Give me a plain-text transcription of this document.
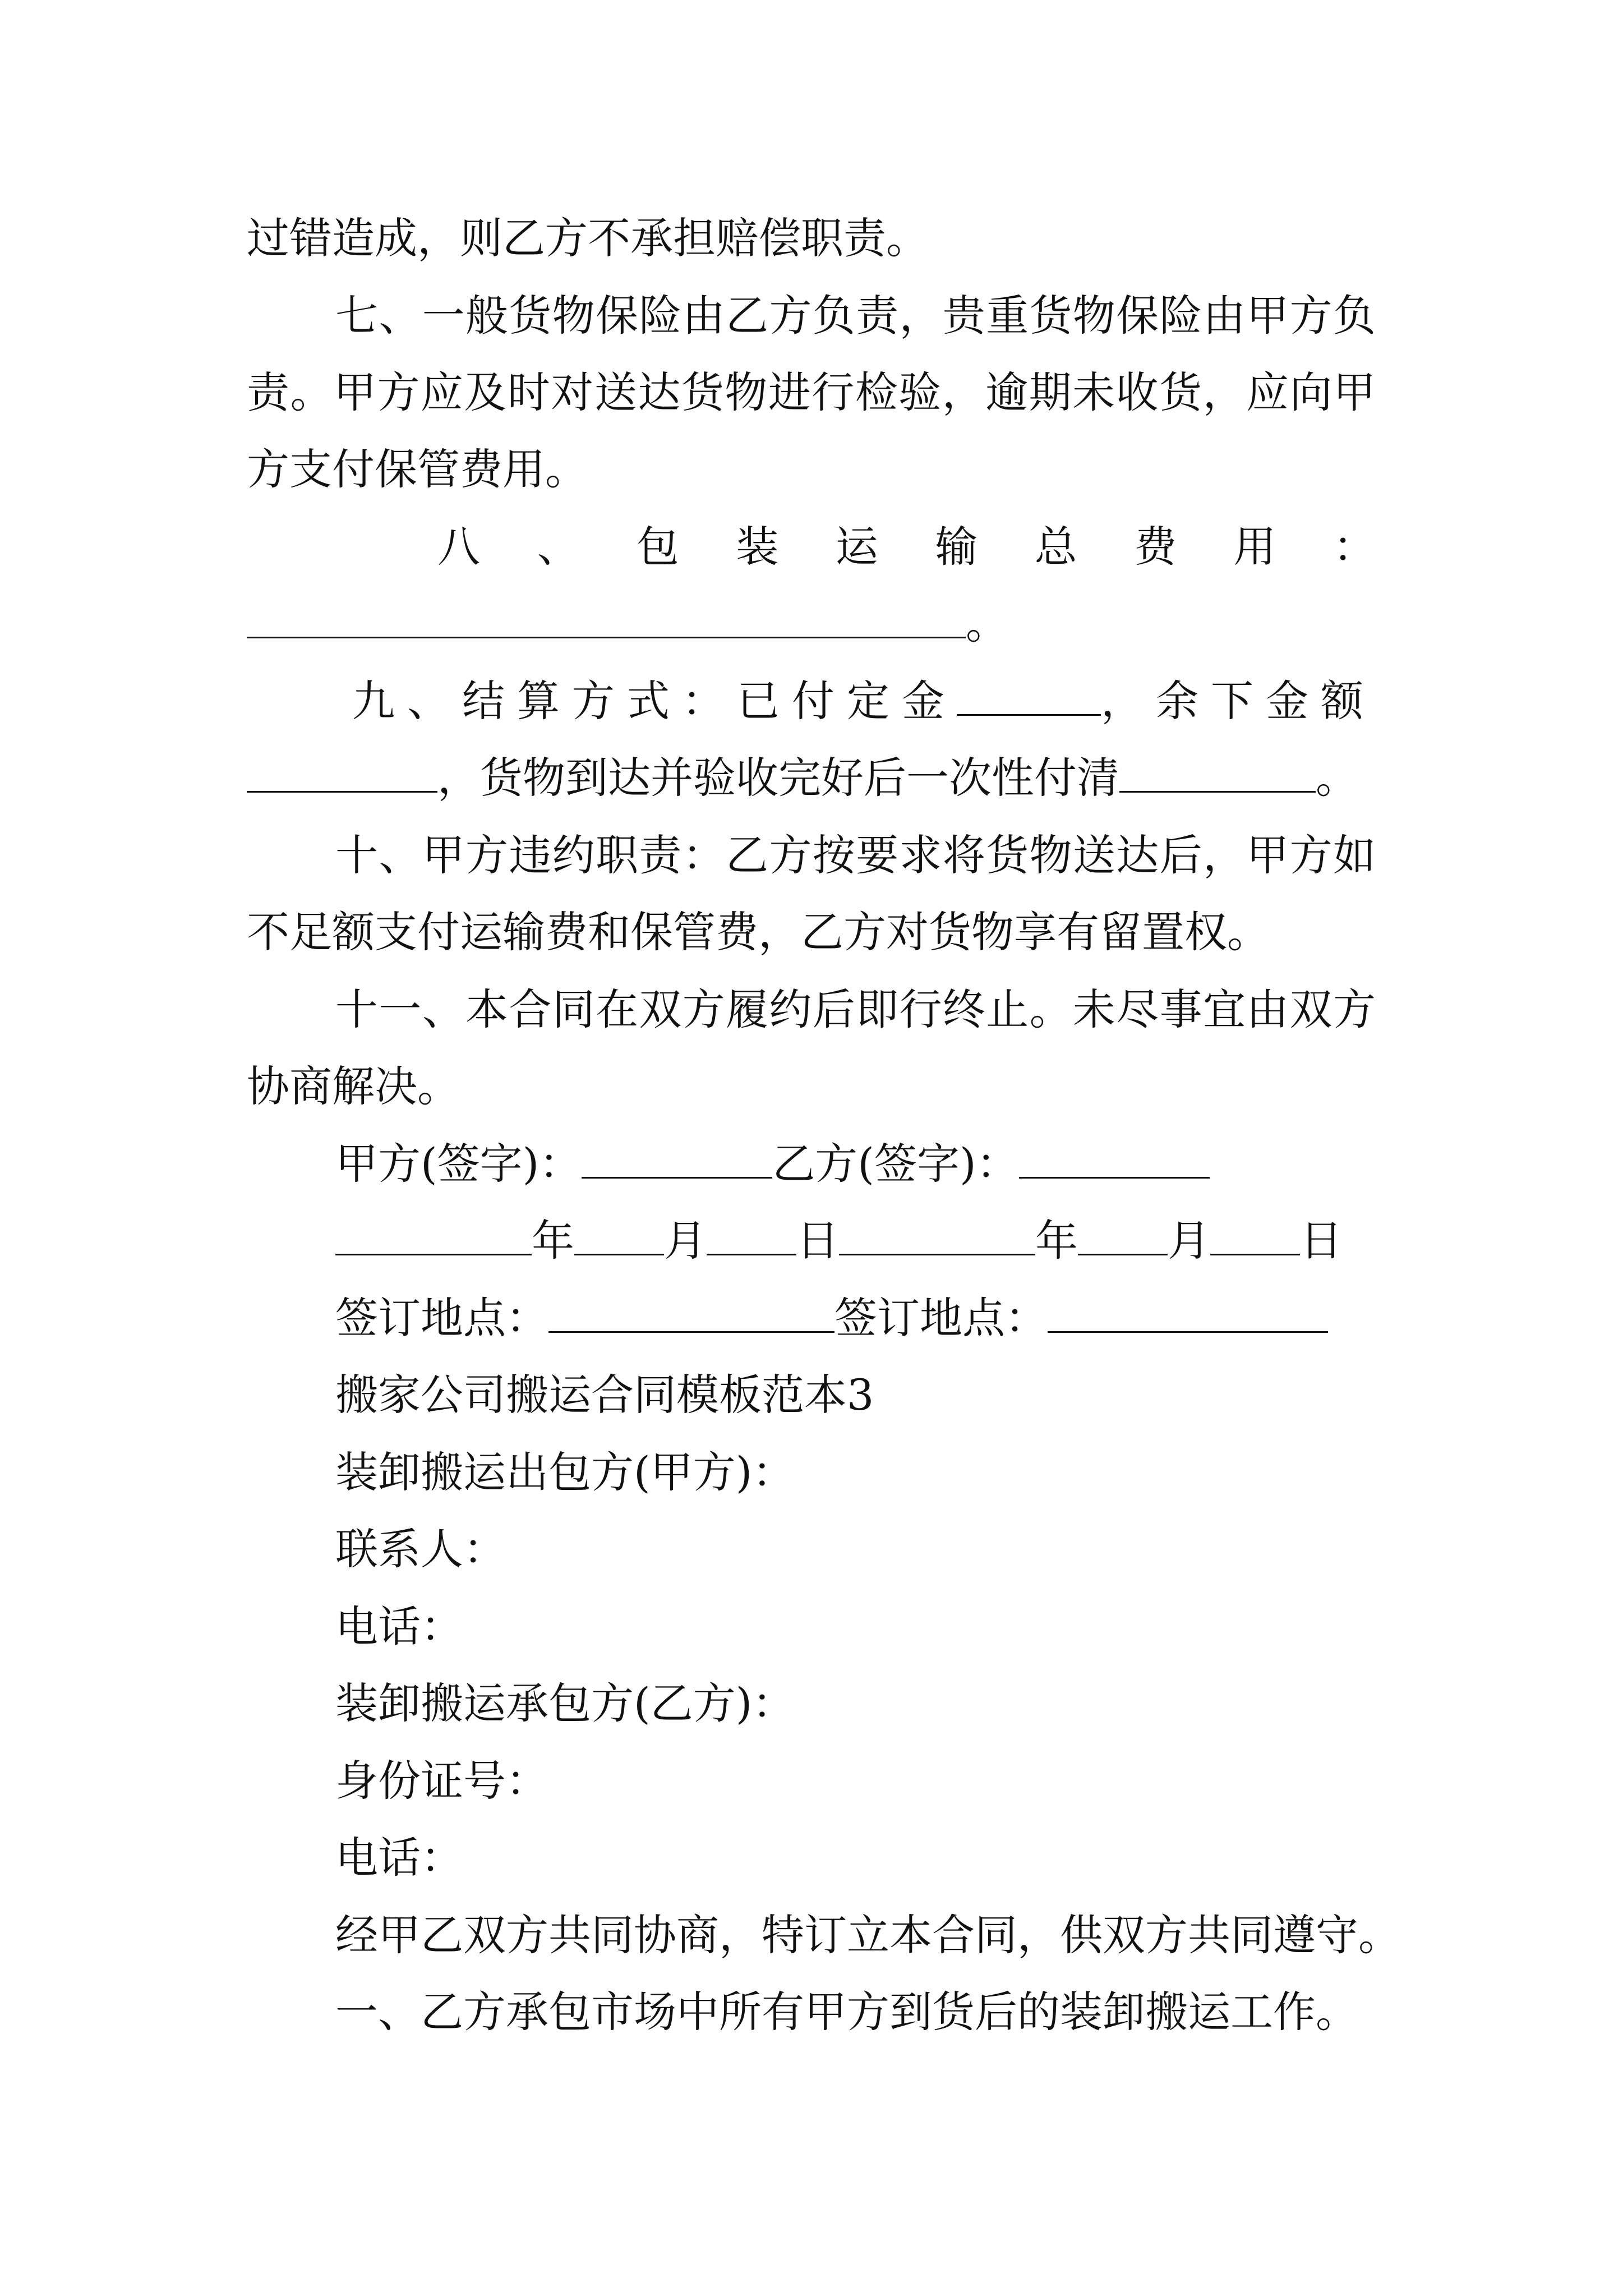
过错造成，则乙方不承担赔偿职责。
七、一般货物保险由乙方负责，贵重货物保险由甲方负
责。甲方应及时对送达货物进行检验，逾期未收货，应向甲
方支付保管费用。
八 、 包 装 运 输 总 费 用 ：
。
九、结算方式：已付定金	，余下金额
，货物到达并验收完好后一次性付清	。
十、甲方违约职责：乙方按要求将货物送达后，甲方如
不足额支付运输费和保管费，乙方对货物享有留置权。
十一、本合同在双方履约后即行终止。未尽事宜由双方
协商解决。
甲方(签字)：	乙方(签字)：
年 月 日	年 月 日
签订地点：	签订地点：
搬家公司搬运合同模板范本3
装卸搬运出包方(甲方)：
联系人：
电话：
装卸搬运承包方(乙方)：
身份证号：
电话：
经甲乙双方共同协商，特订立本合同，供双方共同遵守。
一、乙方承包市场中所有甲方到货后的装卸搬运工作。
